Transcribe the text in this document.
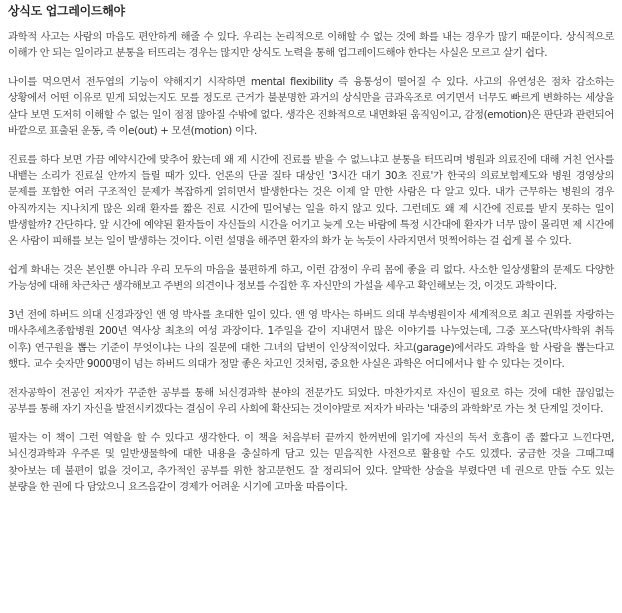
상식도 업그레이드해야

과학적 사고는 사람의 마음도 편안하게 해줄 수 있다. 우리는 논리적으로 이해할 수 없는 것에 화를 내는 경우가 많기 때문이다. 상식적으로 이해가 안 되는 일이라고 분통을 터뜨리는 경우는 많지만 상식도 노력을 통해 업그레이드해야 한다는 사실은 모르고 살기 쉽다.

나이를 먹으면서 전두엽의 기능이 약해지기 시작하면 mental flexibility 즉 융통성이 떨어질 수 있다. 사고의 유연성은 점차 감소하는 상황에서 어떤 이유로 믿게 되었는지도 모를 정도로 근거가 불분명한 과거의 상식만을 금과옥조로 여기면서 너무도 빠르게 변화하는 세상을 살다 보면 도저히 이해할 수 없는 일이 점점 많아질 수밖에 없다. 생각은 진화적으로 내면화된 움직임이고, 감정(emotion)은 판단과 관련되어 바깥으로 표출된 운동, 즉 이e(out) + 모션(motion) 이다.

진료를 하다 보면 가끔 예약시간에 맞추어 왔는데 왜 제 시간에 진료를 받을 수 없느냐고 분통을 터뜨리며 병원과 의료진에 대해 거친 언사를 내뱉는 소리가 진료실 안까지 들릴 때가 있다. 언론의 단골 질타 대상인 '3시간 대기 30초 진료'가 한국의 의료보험제도와 병원 경영상의 문제를 포함한 여러 구조적인 문제가 복잡하게 얽히면서 발생한다는 것은 이제 알 만한 사람은 다 알고 있다. 내가 근무하는 병원의 경우 아직까지는 지나치게 많은 외래 환자를 짧은 진료 시간에 밀어넣는 일을 하지 않고 있다. 그런데도 왜 제 시간에 진료를 받지 못하는 일이 발생할까? 간단하다. 앞 시간에 예약된 환자들이 자신들의 시간을 어기고 늦게 오는 바람에 특정 시간대에 환자가 너무 많이 몰리면 제 시간에 온 사람이 피해를 보는 일이 발생하는 것이다. 이런 설명을 해주면 환자의 화가 눈 녹듯이 사라지면서 멋쩍어하는 걸 쉽게 볼 수 있다.

쉽게 화내는 것은 본인뿐 아니라 우리 모두의 마음을 불편하게 하고, 이런 감정이 우리 몸에 좋을 리 없다. 사소한 일상생활의 문제도 다양한 가능성에 대해 차근차근 생각해보고 주변의 의견이나 정보를 수집한 후 자신만의 가설을 세우고 확인해보는 것, 이것도 과학이다.

3년 전에 하버드 의대 신경과장인 앤 영 박사를 초대한 일이 있다. 앤 영 박사는 하버드 의대 부속병원이자 세계적으로 최고 권위를 자랑하는 매사추세츠종합병원 200년 역사상 최초의 여성 과장이다. 1주일을 같이 지내면서 많은 이야기를 나누었는데, 그중 포스닥(박사학위 취득 이후) 연구원을 뽑는 기준이 무엇이냐는 나의 질문에 대한 그녀의 답변이 인상적이었다. 차고(garage)에서라도 과학을 할 사람을 뽑는다고 했다. 교수 숫자만 9000명이 넘는 하버드 의대가 정말 좋은 차고인 것처럼, 중요한 사실은 과학은 어디에서나 할 수 있다는 것이다.

전자공학이 전공인 저자가 꾸준한 공부를 통해 뇌신경과학 분야의 전문가도 되었다. 마찬가지로 자신이 필요로 하는 것에 대한 끊임없는 공부를 통해 자기 자신을 발전시키겠다는 결심이 우리 사회에 확산되는 것이야말로 저자가 바라는 '대중의 과학화'로 가는 첫 단계일 것이다.

필자는 이 책이 그런 역할을 할 수 있다고 생각한다. 이 책을 처음부터 끝까지 한꺼번에 읽기에 자신의 독서 호흡이 좀 짧다고 느낀다면, 뇌신경과학과 우주론 및 일반생물학에 대한 내용을 충실하게 담고 있는 믿음직한 사전으로 활용할 수도 있겠다. 궁금한 것을 그때그때 찾아보는 데 불편이 없을 것이고, 추가적인 공부를 위한 참고문헌도 잘 정리되어 있다. 얄팍한 상술을 부렸다면 네 권으로 만들 수도 있는 분량을 한 권에 다 담았으니 요즈음같이 경제가 어려운 시기에 고마울 따름이다.
